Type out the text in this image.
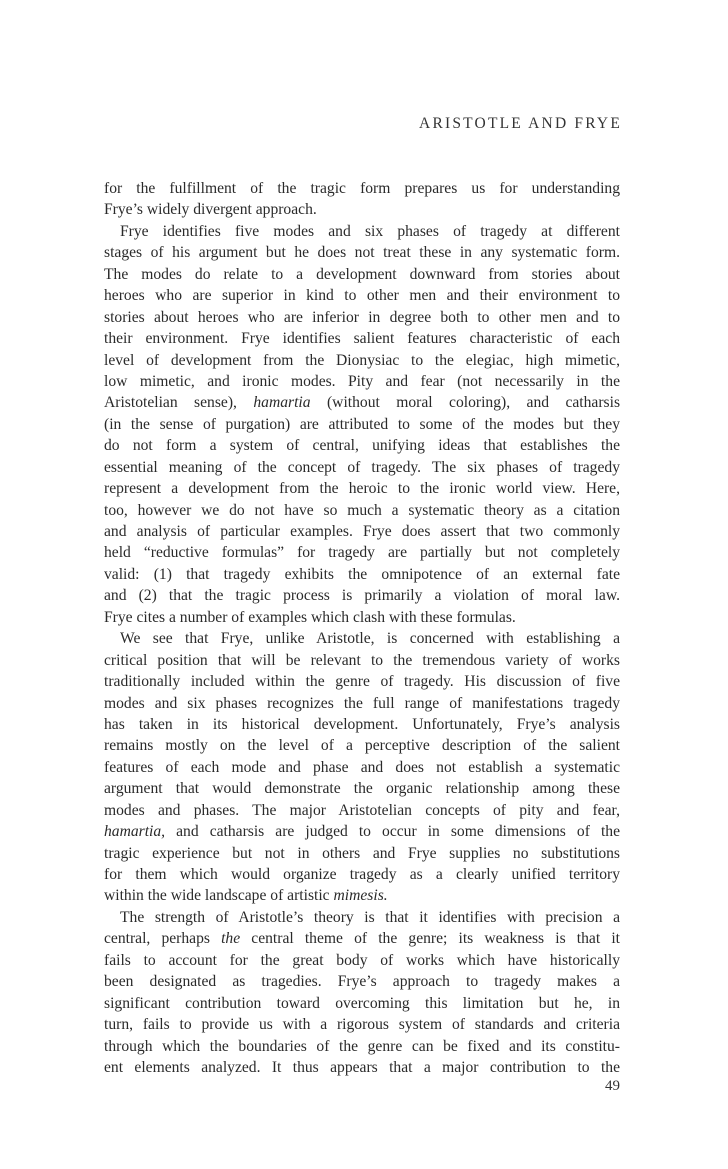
ARISTOTLE AND FRYE
for the fulfillment of the tragic form prepares us for understanding
Frye’s widely divergent approach.
Frye identifies five modes and six phases of tragedy at different
stages of his argument but he does not treat these in any systematic form.
The modes do relate to a development downward from stories about
heroes who are superior in kind to other men and their environment to
stories about heroes who are inferior in degree both to other men and to
their environment. Frye identifies salient features characteristic of each
level of development from the Dionysiac to the elegiac, high mimetic,
low mimetic, and ironic modes. Pity and fear (not necessarily in the
Aristotelian sense), hamartia (without moral coloring), and catharsis
(in the sense of purgation) are attributed to some of the modes but they
do not form a system of central, unifying ideas that establishes the
essential meaning of the concept of tragedy. The six phases of tragedy
represent a development from the heroic to the ironic world view. Here,
too, however we do not have so much a systematic theory as a citation
and analysis of particular examples. Frye does assert that two commonly
held “reductive formulas” for tragedy are partially but not completely
valid: (1) that tragedy exhibits the omnipotence of an external fate
and (2) that the tragic process is primarily a violation of moral law.
Frye cites a number of examples which clash with these formulas.
We see that Frye, unlike Aristotle, is concerned with establishing a
critical position that will be relevant to the tremendous variety of works
traditionally included within the genre of tragedy. His discussion of five
modes and six phases recognizes the full range of manifestations tragedy
has taken in its historical development. Unfortunately, Frye’s analysis
remains mostly on the level of a perceptive description of the salient
features of each mode and phase and does not establish a systematic
argument that would demonstrate the organic relationship among these
modes and phases. The major Aristotelian concepts of pity and fear,
hamartia, and catharsis are judged to occur in some dimensions of the
tragic experience but not in others and Frye supplies no substitutions
for them which would organize tragedy as a clearly unified territory
within the wide landscape of artistic mimesis.
The strength of Aristotle’s theory is that it identifies with precision a
central, perhaps the central theme of the genre; its weakness is that it
fails to account for the great body of works which have historically
been designated as tragedies. Frye’s approach to tragedy makes a
significant contribution toward overcoming this limitation but he, in
turn, fails to provide us with a rigorous system of standards and criteria
through which the boundaries of the genre can be fixed and its constitu-
ent elements analyzed. It thus appears that a major contribution to the
49
